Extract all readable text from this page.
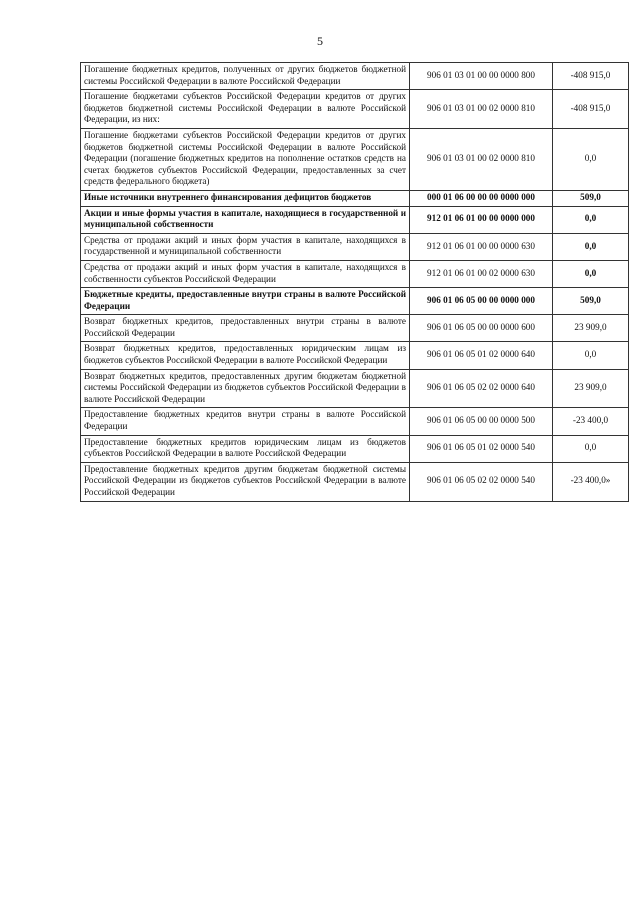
5
Погашение бюджетных кредитов, полученных от других бюджетов бюджетной системы Российской Федерации в валюте Российской Федерации	906 01 03 01 00 00 0000 800	-408 915,0
Погашение бюджетами субъектов Российской Федерации кредитов от других бюджетов бюджетной системы Российской Федерации в валюте Российской Федерации, из них:	906 01 03 01 00 02 0000 810	-408 915,0
Погашение бюджетами субъектов Российской Федерации кредитов от других бюджетов бюджетной системы Российской Федерации в валюте Российской Федерации (погашение бюджетных кредитов на пополнение остатков средств на счетах бюджетов субъектов Российской Федерации, предоставленных за счет средств федерального бюджета)	906 01 03 01 00 02 0000 810	0,0
Иные источники внутреннего финансирования дефицитов бюджетов	000 01 06 00 00 00 0000 000	509,0
Акции и иные формы участия в капитале, находящиеся в государственной и муниципальной собственности	912 01 06 01 00 00 0000 000	0,0
Средства от продажи акций и иных форм участия в капитале, находящихся в государственной и муниципальной собственности	912 01 06 01 00 00 0000 630	0,0
Средства от продажи акций и иных форм участия в капитале, находящихся в собственности субъектов Российской Федерации	912 01 06 01 00 02 0000 630	0,0
Бюджетные кредиты, предоставленные внутри страны в валюте Российской Федерации	906 01 06 05 00 00 0000 000	509,0
Возврат бюджетных кредитов, предоставленных внутри страны в валюте Российской Федерации	906 01 06 05 00 00 0000 600	23 909,0
Возврат бюджетных кредитов, предоставленных юридическим лицам из бюджетов субъектов Российской Федерации в валюте Российской Федерации	906 01 06 05 01 02 0000 640	0,0
Возврат бюджетных кредитов, предоставленных другим бюджетам бюджетной системы Российской Федерации из бюджетов субъектов Российской Федерации в валюте Российской Федерации	906 01 06 05 02 02 0000 640	23 909,0
Предоставление бюджетных кредитов внутри страны в валюте Российской Федерации	906 01 06 05 00 00 0000 500	-23 400,0
Предоставление бюджетных кредитов юридическим лицам из бюджетов субъектов Российской Федерации в валюте Российской Федерации	906 01 06 05 01 02 0000 540	0,0
Предоставление бюджетных кредитов другим бюджетам бюджетной системы Российской Федерации из бюджетов субъектов Российской Федерации в валюте Российской Федерации	906 01 06 05 02 02 0000 540	-23 400,0»
